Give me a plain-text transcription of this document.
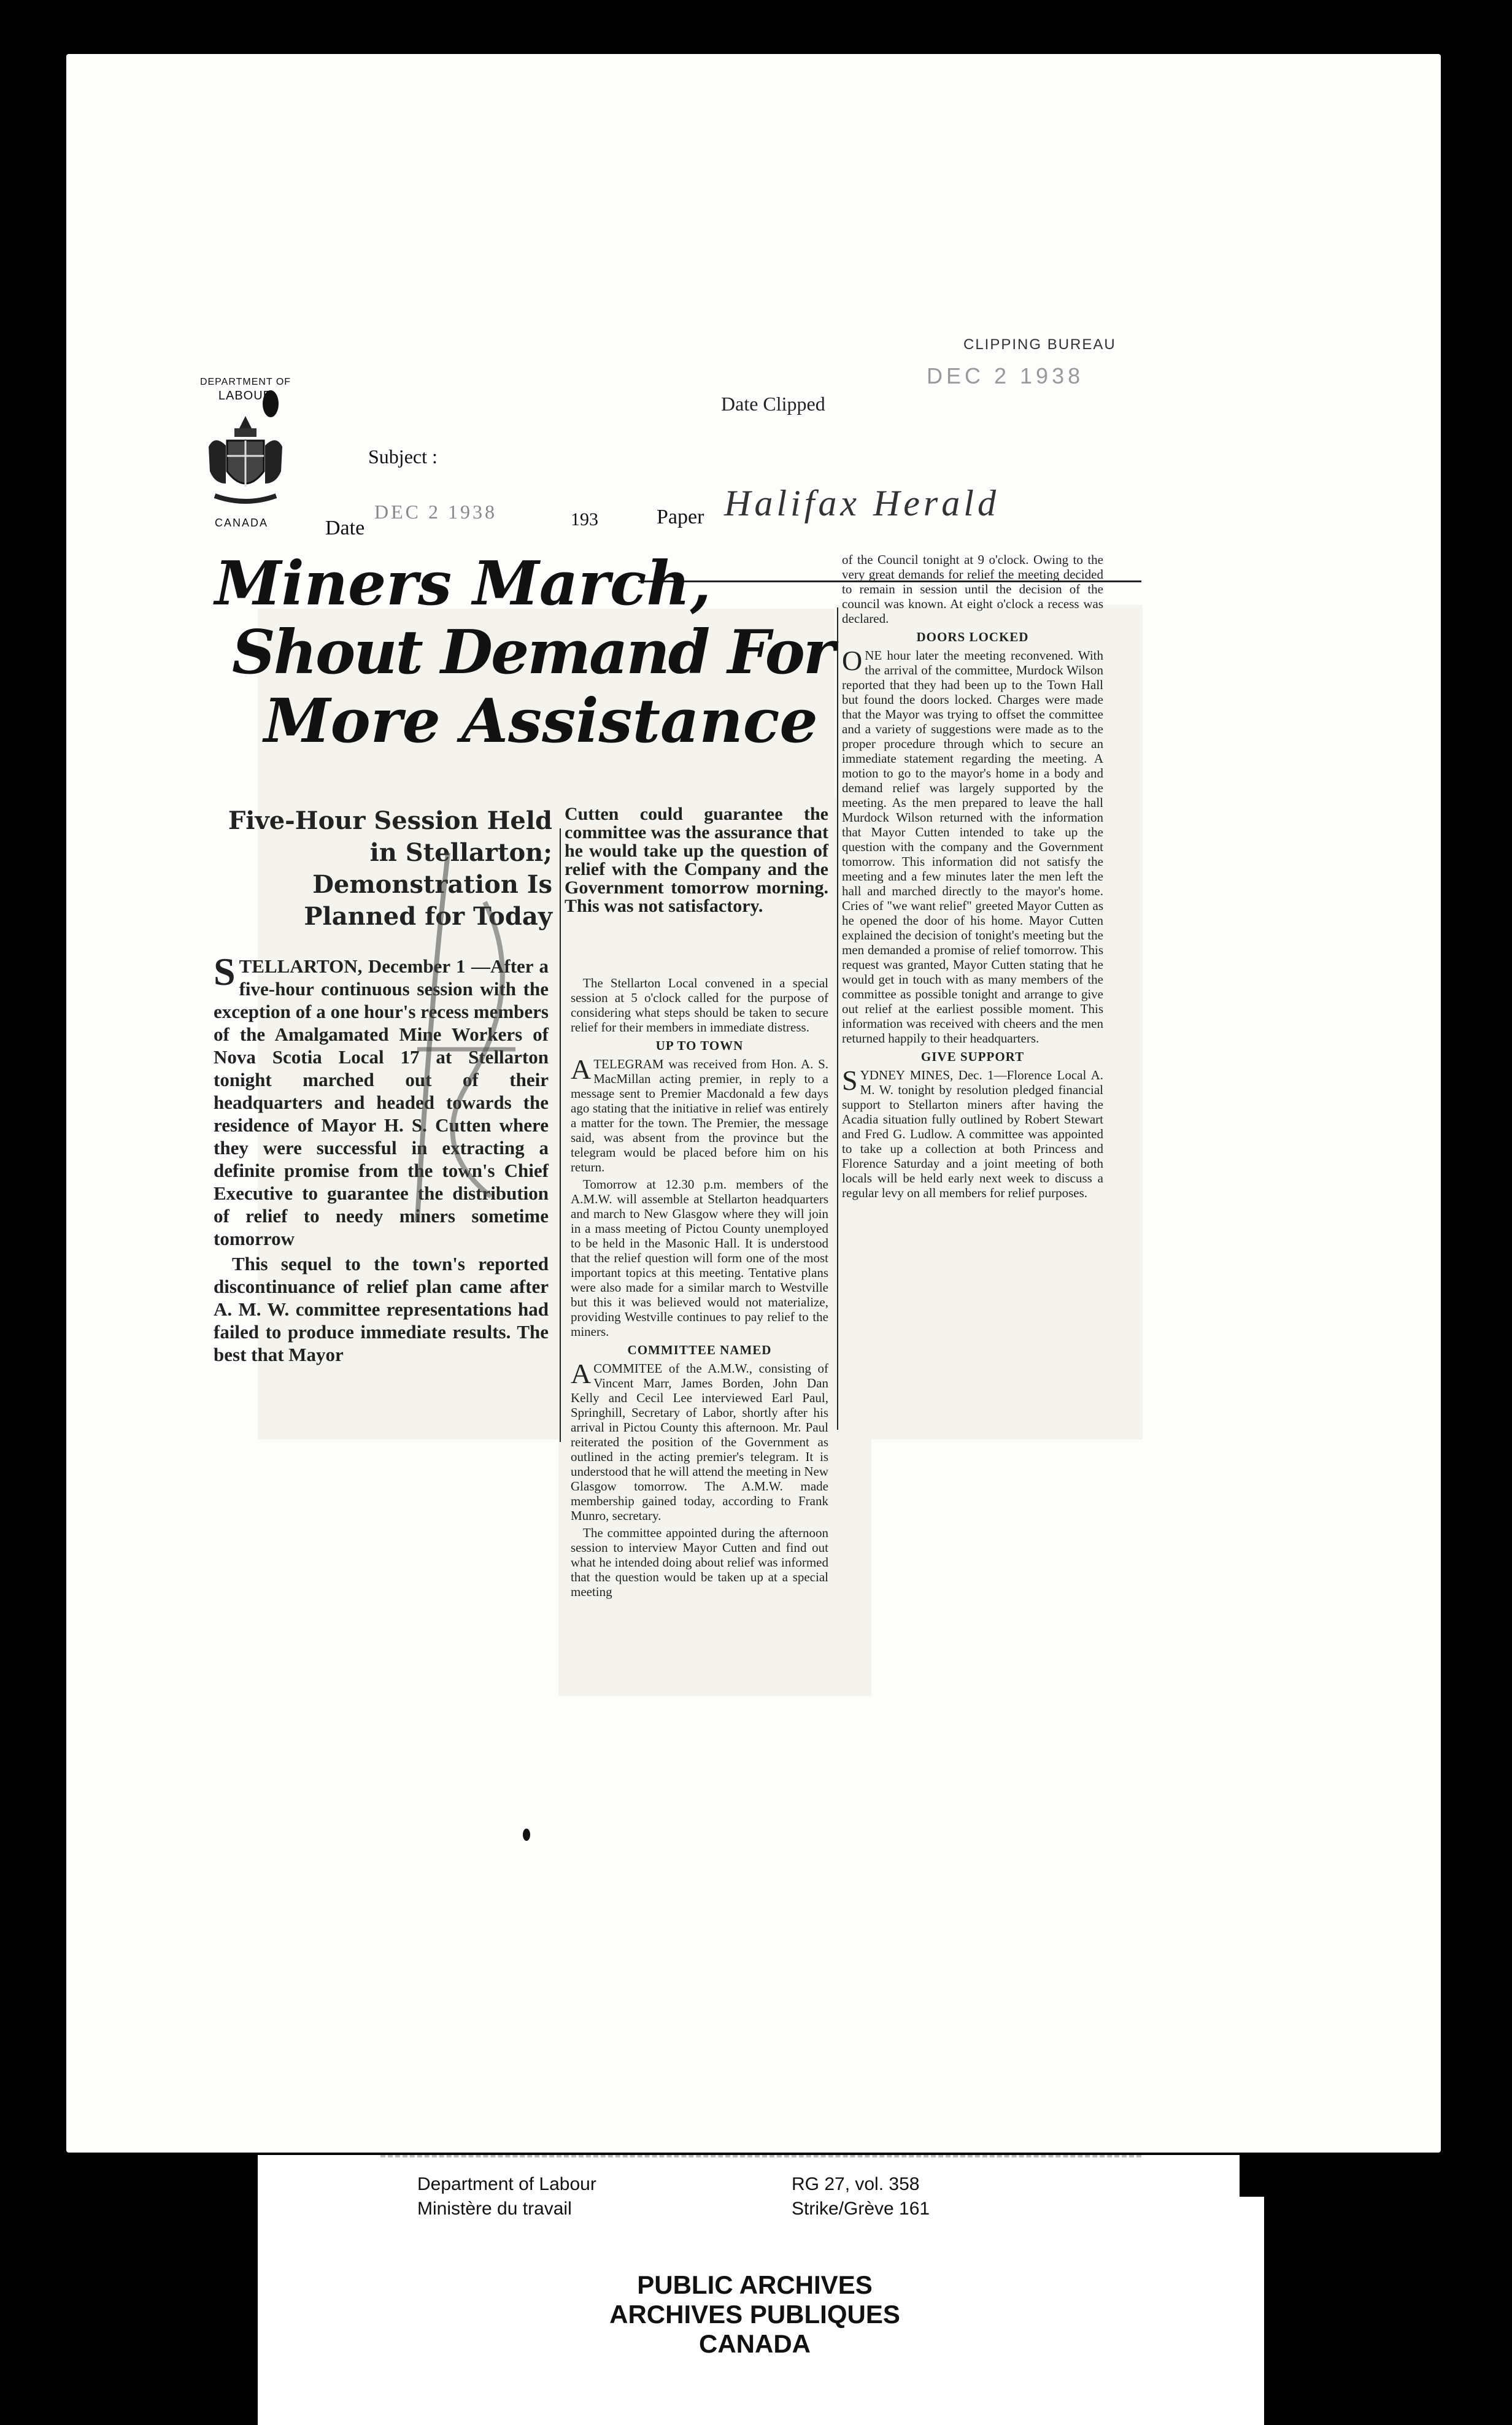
CLIPPING BUREAU
DEC 2 1938
DEPARTMENT OF
LABOUR
CANADA
Date Clipped
Subject :
Date
DEC 2 1938	193	Paper Halifax Herald
Miners March,
Shout Demand For
More Assistance
Five-Hour Session Held in Stellarton; Demonstration Is Planned for Today

STELLARTON, December 1 —After a five-hour continuous session with the exception of a one hour's recess members of the Amalgamated Mine Workers of Nova Scotia Local 17 at Stellarton tonight marched out of their headquarters and headed towards the residence of Mayor H. S. Cutten where they were successful in extracting a definite promise from the town's Chief Executive to guarantee the distribution of relief to needy miners sometime tomorrow

This sequel to the town's reported discontinuance of relief plan came after A. M. W. committee representations had failed to produce immediate results. The best that Mayor

Cutten could guarantee the committee was the assurance that he would take up the question of relief with the Company and the Government tomorrow morning. This was not satisfactory.

The Stellarton Local convened in a special session at 5 o'clock called for the purpose of considering what steps should be taken to secure relief for their members in immediate distress.

UP TO TOWN

ATELEGRAM was received from Hon. A. S. MacMillan acting premier, in reply to a message sent to Premier Macdonald a few days ago stating that the initiative in relief was entirely a matter for the town. The Premier, the message said, was absent from the province but the telegram would be placed before him on his return.

Tomorrow at 12.30 p.m. members of the A.M.W. will assemble at Stellarton headquarters and march to New Glasgow where they will join in a mass meeting of Pictou County unemployed to be held in the Masonic Hall. It is understood that the relief question will form one of the most important topics at this meeting. Tentative plans were also made for a similar march to Westville but this it was believed would not materialize, providing Westville continues to pay relief to the miners.

COMMITTEE NAMED

ACOMMITEE of the A.M.W., consisting of Vincent Marr, James Borden, John Dan Kelly and Cecil Lee interviewed Earl Paul, Springhill, Secretary of Labor, shortly after his arrival in Pictou County this afternoon. Mr. Paul reiterated the position of the Government as outlined in the acting premier's telegram. It is understood that he will attend the meeting in New Glasgow tomorrow. The A.M.W. made membership gained today, according to Frank Munro, secretary.

The committee appointed during the afternoon session to interview Mayor Cutten and find out what he intended doing about relief was informed that the question would be taken up at a special meeting

of the Council tonight at 9 o'clock. Owing to the very great demands for relief the meeting decided to remain in session until the decision of the council was known. At eight o'clock a recess was declared.

DOORS LOCKED

ONE hour later the meeting reconvened. With the arrival of the committee, Murdock Wilson reported that they had been up to the Town Hall but found the doors locked. Charges were made that the Mayor was trying to offset the committee and a variety of suggestions were made as to the proper procedure through which to secure an immediate statement regarding the meeting. A motion to go to the mayor's home in a body and demand relief was largely supported by the meeting. As the men prepared to leave the hall Murdock Wilson returned with the information that Mayor Cutten intended to take up the question with the company and the Government tomorrow. This information did not satisfy the meeting and a few minutes later the men left the hall and marched directly to the mayor's home. Cries of "we want relief" greeted Mayor Cutten as he opened the door of his home. Mayor Cutten explained the decision of tonight's meeting but the men demanded a promise of relief tomorrow. This request was granted, Mayor Cutten stating that he would get in touch with as many members of the committee as possible tonight and arrange to give out relief at the earliest possible moment. This information was received with cheers and the men returned happily to their headquarters.

GIVE SUPPORT

SYDNEY MINES, Dec. 1—Florence Local A. M. W. tonight by resolution pledged financial support to Stellarton miners after having the Acadia situation fully outlined by Robert Stewart and Fred G. Ludlow. A committee was appointed to take up a collection at both Princess and Florence Saturday and a joint meeting of both locals will be held early next week to discuss a regular levy on all members for relief purposes.

Department of Labour
Ministère du travail
RG 27, vol. 358
Strike/Grève 161
PUBLIC ARCHIVES
ARCHIVES PUBLIQUES
CANADA
